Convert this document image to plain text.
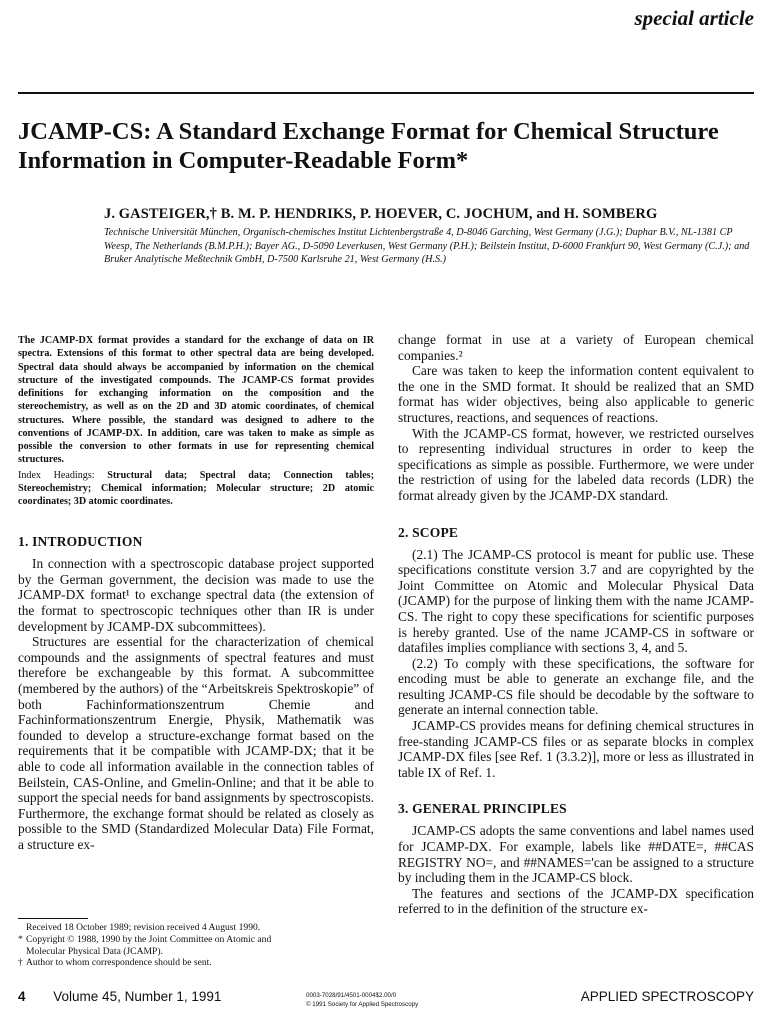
special article
JCAMP-CS: A Standard Exchange Format for Chemical Structure Information in Computer-Readable Form*

J. GASTEIGER,† B. M. P. HENDRIKS, P. HOEVER, C. JOCHUM, and H. SOMBERG

Technische Universität München, Organisch-chemisches Institut Lichtenbergstraße 4, D-8046 Garching, West Germany (J.G.); Duphar B.V., NL-1381 CP Weesp, The Netherlands (B.M.P.H.); Bayer AG., D-5090 Leverkusen, West Germany (P.H.); Beilstein Institut, D-6000 Frankfurt 90, West Germany (C.J.); and Bruker Analytische Meßtechnik GmbH, D-7500 Karlsruhe 21, West Germany (H.S.)

The JCAMP-DX format provides a standard for the exchange of data on IR spectra. Extensions of this format to other spectral data are being developed. Spectral data should always be accompanied by information on the chemical structure of the investigated compounds. The JCAMP-CS format provides definitions for exchanging information on the composition and the stereochemistry, as well as on the 2D and 3D atomic coordinates, of chemical structures. Where possible, the standard was designed to adhere to the conventions of JCAMP-DX. In addition, care was taken to make as simple as possible the conversion to other formats in use for representing chemical structures.

Index Headings: Structural data; Spectral data; Connection tables; Stereochemistry; Chemical information; Molecular structure; 2D atomic coordinates; 3D atomic coordinates.

1. INTRODUCTION

In connection with a spectroscopic database project supported by the German government, the decision was made to use the JCAMP-DX format¹ to exchange spectral data (the extension of the format to spectroscopic techniques other than IR is under development by JCAMP-DX subcommittees).

Structures are essential for the characterization of chemical compounds and the assignments of spectral features and must therefore be exchangeable by this format. A subcommittee (membered by the authors) of the “Arbeitskreis Spektroskopie” of both Fachinformationszentrum Chemie and Fachinformationszentrum Energie, Physik, Mathematik was founded to develop a structure-exchange format based on the requirements that it be compatible with JCAMP-DX; that it be able to code all information available in the connection tables of Beilstein, CAS-Online, and Gmelin-Online; and that it be able to support the special needs for band assignments by spectroscopists. Furthermore, the exchange format should be related as closely as possible to the SMD (Standardized Molecular Data) File Format, a structure ex-

change format in use at a variety of European chemical companies.²

Care was taken to keep the information content equivalent to the one in the SMD format. It should be realized that an SMD format has wider objectives, being also applicable to generic structures, reactions, and sequences of reactions.

With the JCAMP-CS format, however, we restricted ourselves to representing individual structures in order to keep the specifications as simple as possible. Furthermore, we were under the restriction of using for the labeled data records (LDR) the format already given by the JCAMP-DX standard.

2. SCOPE

(2.1) The JCAMP-CS protocol is meant for public use. These specifications constitute version 3.7 and are copyrighted by the Joint Committee on Atomic and Molecular Physical Data (JCAMP) for the purpose of linking them with the name JCAMP-CS. The right to copy these specifications for scientific purposes is hereby granted. Use of the name JCAMP-CS in software or datafiles implies compliance with sections 3, 4, and 5.

(2.2) To comply with these specifications, the software for encoding must be able to generate an exchange file, and the resulting JCAMP-CS file should be decodable by the software to generate an internal connection table.

JCAMP-CS provides means for defining chemical structures in free-standing JCAMP-CS files or as separate blocks in complex JCAMP-DX files [see Ref. 1 (3.3.2)], more or less as illustrated in table IX of Ref. 1.

3. GENERAL PRINCIPLES

JCAMP-CS adopts the same conventions and label names used for JCAMP-DX. For example, labels like ##DATE=, ##CAS REGISTRY NO=, and ##NAMES='can be assigned to a structure by including them in the JCAMP-CS block.

The features and sections of the JCAMP-DX specification referred to in the definition of the structure ex-

Received 18 October 1989; revision received 4 August 1990.

* Copyright © 1988, 1990 by the Joint Committee on Atomic and
Molecular Physical Data (JCAMP).

† Author to whom correspondence should be sent.

4 Volume 45, Number 1, 1991	0003-7028/91/4501-0004$2.00/0
© 1991 Society for Applied Spectroscopy	APPLIED SPECTROSCOPY
